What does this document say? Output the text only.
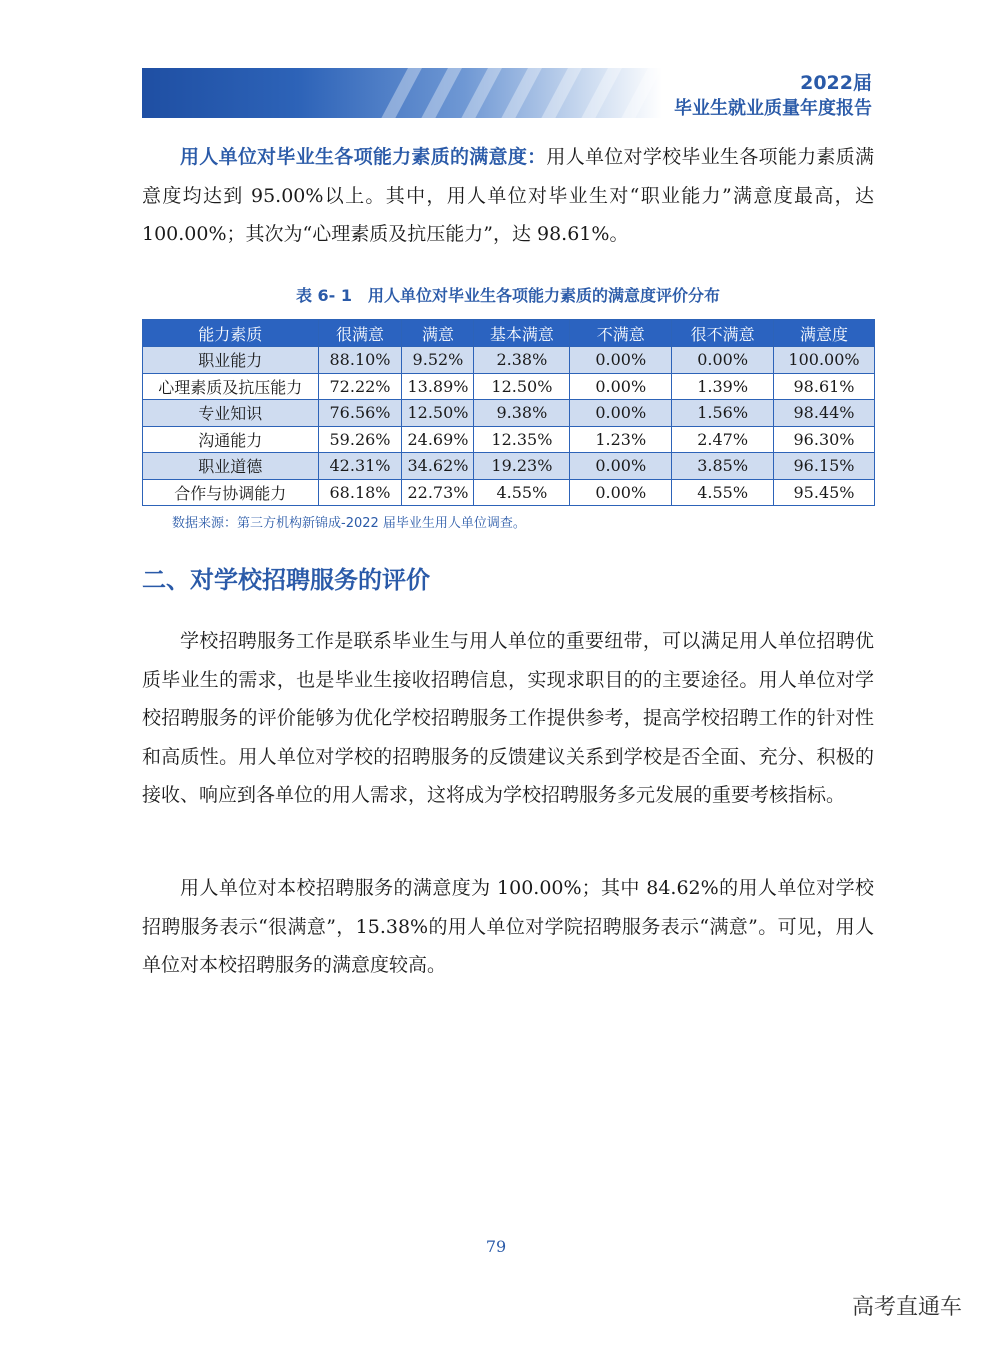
2022届
毕业生就业质量年度报告

用人单位对毕业生各项能力素质的满意度：用人单位对学校毕业生各项能力素质满意度均达到 95.00%以上。其中，用人单位对毕业生对“职业能力”满意度最高，达 100.00%；其次为“心理素质及抗压能力”，达 98.61%。

表 6- 1　用人单位对毕业生各项能力素质的满意度评价分布
能力素质	很满意	满意	基本满意	不满意	很不满意	满意度
职业能力	88.10%	9.52%	2.38%	0.00%	0.00%	100.00%
心理素质及抗压能力	72.22%	13.89%	12.50%	0.00%	1.39%	98.61%
专业知识	76.56%	12.50%	9.38%	0.00%	1.56%	98.44%
沟通能力	59.26%	24.69%	12.35%	1.23%	2.47%	96.30%
职业道德	42.31%	34.62%	19.23%	0.00%	3.85%	96.15%
合作与协调能力	68.18%	22.73%	4.55%	0.00%	4.55%	95.45%
数据来源：第三方机构新锦成-2022 届毕业生用人单位调查。
二、对学校招聘服务的评价

学校招聘服务工作是联系毕业生与用人单位的重要纽带，可以满足用人单位招聘优质毕业生的需求，也是毕业生接收招聘信息，实现求职目的的主要途径。用人单位对学校招聘服务的评价能够为优化学校招聘服务工作提供参考，提高学校招聘工作的针对性和高质性。用人单位对学校的招聘服务的反馈建议关系到学校是否全面、充分、积极的接收、响应到各单位的用人需求，这将成为学校招聘服务多元发展的重要考核指标。

用人单位对本校招聘服务的满意度为 100.00%；其中 84.62%的用人单位对学校招聘服务表示“很满意”，15.38%的用人单位对学院招聘服务表示“满意”。可见，用人单位对本校招聘服务的满意度较高。

79
高考直通车
